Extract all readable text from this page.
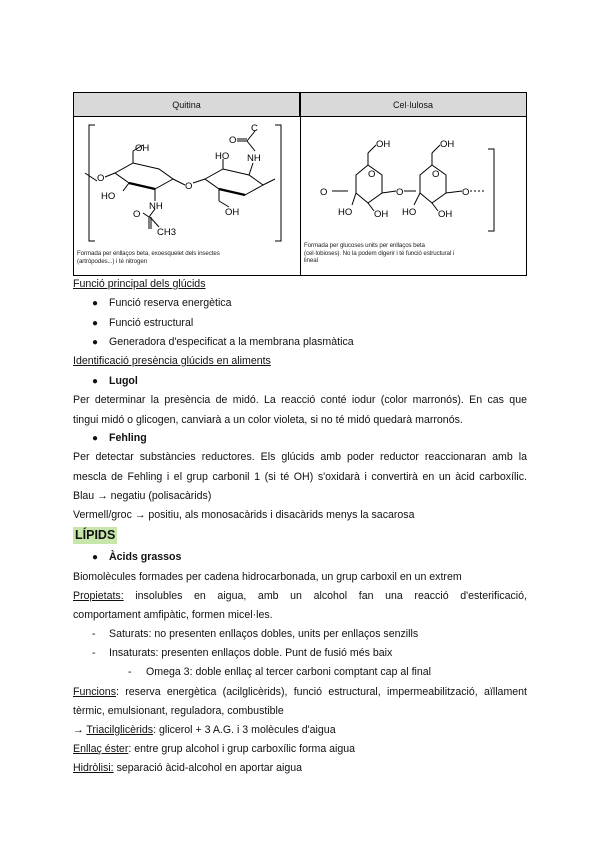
Quitina	Cel·lulosa
O
OH
HO
NH
O
CH3
O
HO NH
O
C
OH
Formada per enllaços beta, exoesquelet dels insectes
(artròpodes...) i té nitrogen
OH	OH
O
O	O	O
O
HO OH HO OH
Formada per glucoses units per enllaços beta
(cel·lobioses). No la podem digerir i té funció estructural i
lineal
Funció principal dels glúcids
● Funció reserva energètica
● Funció estructural
● Generadora d'especificat a la membrana plasmàtica
Identificació presència glúcids en aliments
● Lugol
Per determinar la presència de midó. La reacció conté iodur (color marronós). En cas que
tingui midó o glicogen, canviarà a un color violeta, si no té midó quedarà marronós.
● Fehling
Per detectar substàncies reductores. Els glúcids amb poder reductor reaccionaran amb la
mescla de Fehling i el grup carbonil 1 (si té OH) s'oxidarà i convertirà en un àcid carboxílic.
Blau → negatiu (polisacàrids)
Vermell/groc → positiu, als monosacàrids i disacàrids menys la sacarosa
LÍPIDS
● Àcids grassos
Biomolècules formades per cadena hidrocarbonada, un grup carboxil en un extrem
Propietats: insolubles en aigua, amb un alcohol fan una reacció d'esterificació,
comportament amfipàtic, formen micel·les.
- Saturats: no presenten enllaços dobles, units per enllaços senzills
- Insaturats: presenten enllaços doble. Punt de fusió més baix
- Omega 3: doble enllaç al tercer carboni comptant cap al final
Funcions: reserva energètica (acilglicèrids), funció estructural, impermeabilització, aïllament
tèrmic, emulsionant, reguladora, combustible
→ Triacilglicèrids: glicerol + 3 A.G. i 3 molècules d'aigua
Enllaç éster: entre grup alcohol i grup carboxílic forma aigua
Hidròlisi: separació àcid-alcohol en aportar aigua
